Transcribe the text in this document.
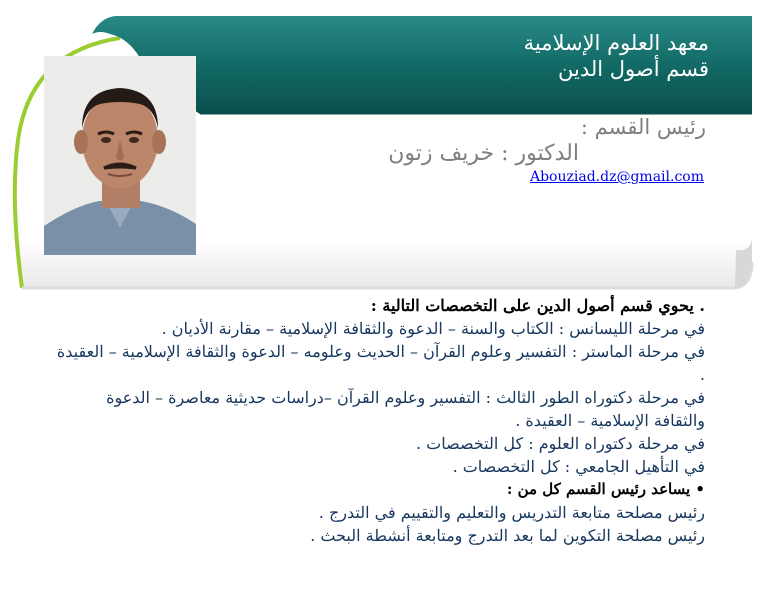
معهد العلوم الإسلامية
قسم أصول الدين
رئيس القسم :
الدكتور : خريف زتون
Abouziad.dz@gmail.com

. يحوي قسم أصول الدين على التخصصات التالية :

في مرحلة الليسانس : الكتاب والسنة – الدعوة والثقافة الإسلامية – مقارنة الأديان .

في مرحلة الماستر : التفسير وعلوم القرآن – الحديث وعلومه – الدعوة والثقافة الإسلامية – العقيدة .

في مرحلة دكتوراه الطور الثالث : التفسير وعلوم القرآن –دراسات حديثية معاصرة – الدعوة والثقافة الإسلامية – العقيدة .

في مرحلة دكتوراه العلوم : كل التخصصات .

في التأهيل الجامعي : كل التخصصات .

• يساعد رئيس القسم كل من :

رئيس مصلحة متابعة التدريس والتعليم والتقييم في التدرج .

رئيس مصلحة التكوين لما بعد التدرج ومتابعة أنشطة البحث .
